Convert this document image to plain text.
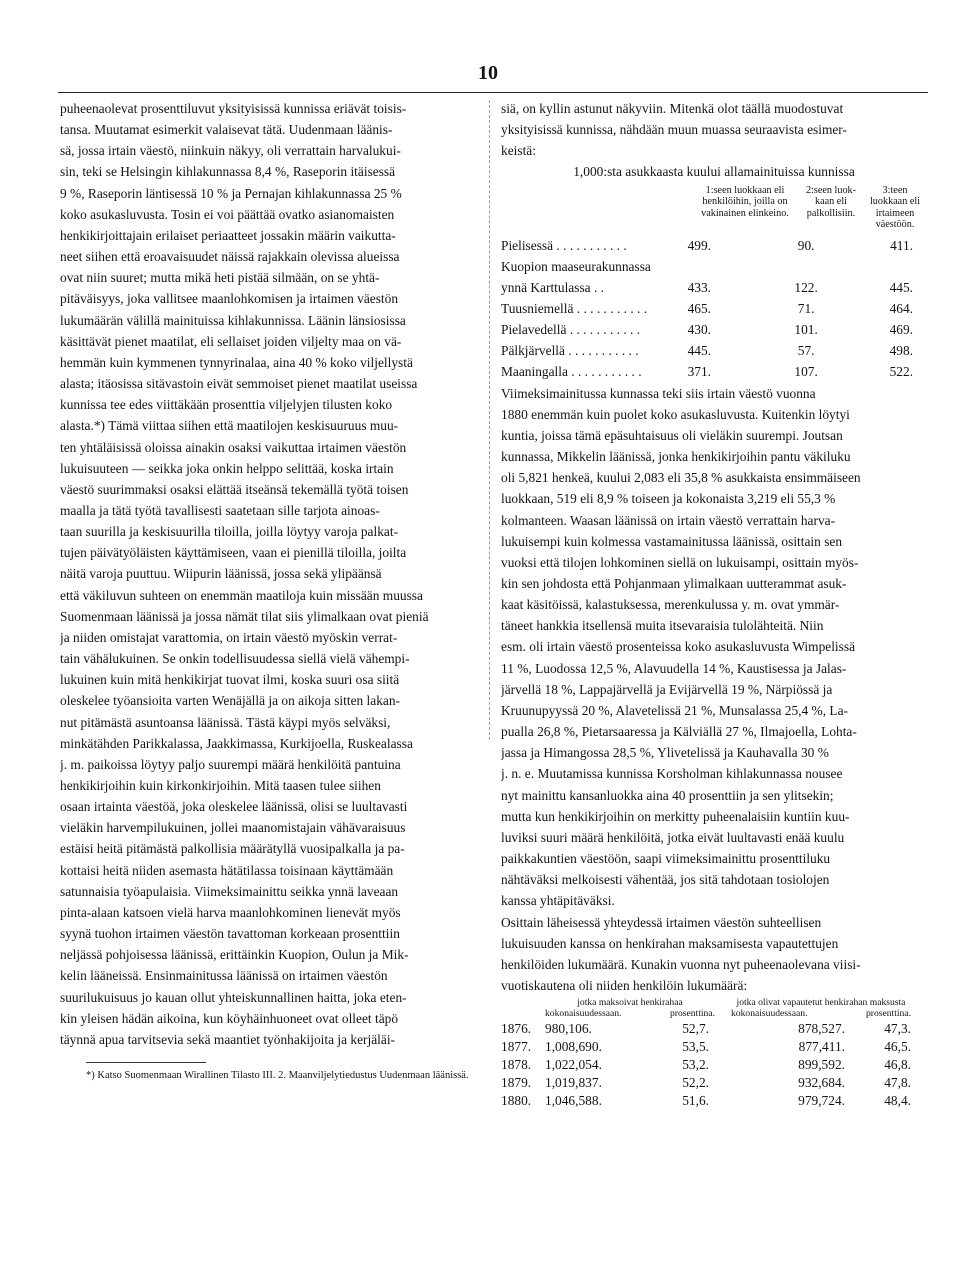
10
puheenaolevat prosenttiluvut yksityisissä kunnissa eriävät toisis-
tansa. Muutamat esimerkit valaisevat tätä. Uudenmaan läänis-
sä, jossa irtain väestö, niinkuin näkyy, oli verrattain harvalukui-
sin, teki se Helsingin kihlakunnassa 8,4 %, Raseporin itäisessä
9 %, Raseporin läntisessä 10 % ja Pernajan kihlakunnassa 25 %
koko asukasluvusta. Tosin ei voi päättää ovatko asianomaisten
henkikirjoittajain erilaiset periaatteet jossakin määrin vaikutta-
neet siihen että eroavaisuudet näissä rajakkain olevissa alueissa
ovat niin suuret; mutta mikä heti pistää silmään, on se yhtä-
pitäväisyys, joka vallitsee maanlohkomisen ja irtaimen väestön
lukumäärän välillä mainituissa kihlakunnissa. Läänin länsiosissa
käsittävät pienet maatilat, eli sellaiset joiden viljelty maa on vä-
hemmän kuin kymmenen tynnyrinalaa, aina 40 % koko viljellystä
alasta; itäosissa sitävastoin eivät semmoiset pienet maatilat useissa
kunnissa tee edes viittäkään prosenttia viljelyjen tilusten koko
alasta.*) Tämä viittaa siihen että maatilojen keskisuuruus muu-
ten yhtäläisissä oloissa ainakin osaksi vaikuttaa irtaimen väestön
lukuisuuteen — seikka joka onkin helppo selittää, koska irtain
väestö suurimmaksi osaksi elättää itseänsä tekemällä työtä toisen
maalla ja tätä työtä tavallisesti saatetaan sille tarjota ainoas-
taan suurilla ja keskisuurilla tiloilla, joilla löytyy varoja palkat-
tujen päivätyöläisten käyttämiseen, vaan ei pienillä tiloilla, joilta
näitä varoja puuttuu. Wiipurin läänissä, jossa sekä ylipäänsä
että väkiluvun suhteen on enemmän maatiloja kuin missään muussa
Suomenmaan läänissä ja jossa nämät tilat siis ylimalkaan ovat pieniä
ja niiden omistajat varattomia, on irtain väestö myöskin verrat-
tain vähälukuinen. Se onkin todellisuudessa siellä vielä vähempi-
lukuinen kuin mitä henkikirjat tuovat ilmi, koska suuri osa siitä
oleskelee työansioita varten Wenäjällä ja on aikoja sitten lakan-
nut pitämästä asuntoansa läänissä. Tästä käypi myös selväksi,
minkätähden Parikkalassa, Jaakkimassa, Kurkijoella, Ruskealassa
j. m. paikoissa löytyy paljo suurempi määrä henkilöitä pantuina
henkikirjoihin kuin kirkonkirjoihin. Mitä taasen tulee siihen
osaan irtainta väestöä, joka oleskelee läänissä, olisi se luultavasti
vieläkin harvempilukuinen, jollei maanomistajain vähävaraisuus
estäisi heitä pitämästä palkollisia määrätyllä vuosipalkalla ja pa-
kottaisi heitä niiden asemasta hätätilassa toisinaan käyttämään
satunnaisia työapulaisia. Viimeksimainittu seikka ynnä laveaan
pinta-alaan katsoen vielä harva maanlohkominen lienevät myös
syynä tuohon irtaimen väestön tavattoman korkeaan prosenttiin
neljässä pohjoisessa läänissä, erittäinkin Kuopion, Oulun ja Mik-
kelin lääneissä. Ensinmainitussa läänissä on irtaimen väestön
suurilukuisuus jo kauan ollut yhteiskunnallinen haitta, joka eten-
kin yleisen hädän aikoina, kun köyhäinhuoneet ovat olleet täpö
täynnä apua tarvitsevia sekä maantiet työnhakijoita ja kerjäläi-

*) Katso Suomenmaan Wirallinen Tilasto III. 2. Maanviljelytiedustus Uudenmaan läänissä.

siä, on kyllin astunut näkyviin. Mitenkä olot täällä muodostuvat
yksityisissä kunnissa, nähdään muun muassa seuraavista esimer-
keistä:
1,000:sta asukkaasta kuului allamainituissa kunnissa
1:seen luokkaan eli henkilöihin, joilla on vakinainen elinkeino.
2:seen luok-kaan eli palkollisiin.
3:teen luokkaan eli irtaimeen väestöön.
Pielisessä . . .	499.	90.	411.
Kuopion maaseurakunnassa
ynnä Karttulassa . .	433.	122.	445.
Tuusniemellä . . .	465.	71.	464.
Pielavedellä . . .	430.	101.	469.
Pälkjärvellä . . .	445.	57.	498.
Maaningalla . . .	371.	107.	522.
Viimeksimainitussa kunnassa teki siis irtain väestö vuonna
1880 enemmän kuin puolet koko asukasluvusta. Kuitenkin löytyi
kuntia, joissa tämä epäsuhtaisuus oli vieläkin suurempi. Joutsan
kunnassa, Mikkelin läänissä, jonka henkikirjoihin pantu väkiluku
oli 5,821 henkeä, kuului 2,083 eli 35,8 % asukkaista ensimmäiseen
luokkaan, 519 eli 8,9 % toiseen ja kokonaista 3,219 eli 55,3 %
kolmanteen. Waasan läänissä on irtain väestö verrattain harva-
lukuisempi kuin kolmessa vastamainitussa läänissä, osittain sen
vuoksi että tilojen lohkominen siellä on lukuisampi, osittain myös-
kin sen johdosta että Pohjanmaan ylimalkaan uutterammat asuk-
kaat käsitöissä, kalastuksessa, merenkulussa y. m. ovat ymmär-
täneet hankkia itsellensä muita itsevaraisia tulolähteitä. Niin
esm. oli irtain väestö prosenteissa koko asukasluvusta Wimpelissä
11 %, Luodossa 12,5 %, Alavuudella 14 %, Kaustisessa ja Jalas-
järvellä 18 %, Lappajärvellä ja Evijärvellä 19 %, Närpiössä ja
Kruunupyyssä 20 %, Alavetelissä 21 %, Munsalassa 25,4 %, La-
pualla 26,8 %, Pietarsaaressa ja Kälviällä 27 %, Ilmajoella, Lohta-
jassa ja Himangossa 28,5 %, Ylivetelissä ja Kauhavalla 30 %
j. n. e. Muutamissa kunnissa Korsholman kihlakunnassa nousee
nyt mainittu kansanluokka aina 40 prosenttiin ja sen ylitsekin;
mutta kun henkikirjoihin on merkitty puheenalaisiin kuntiin kuu-
luviksi suuri määrä henkilöitä, jotka eivät luultavasti enää kuulu
paikkakuntien väestöön, saapi viimeksimainittu prosenttiluku
nähtäväksi melkoisesti vähentää, jos sitä tahdotaan tosiolojen
kanssa yhtäpitäväksi.
Osittain läheisessä yhteydessä irtaimen väestön suhteellisen
lukuisuuden kanssa on henkirahan maksamisesta vapautettujen
henkilöiden lukumäärä. Kunakin vuonna nyt puheenaolevana viisi-
vuotiskautena oli niiden henkilöin lukumäärä:
jotka maksoivat henkirahaa
kokonaisuudessaan.	prosenttina.
jotka olivat vapautetut henkirahan maksusta
kokonaisuudessaan.	prosenttina.
1876.	980,106.	52,7.	878,527.	47,3.
1877.	1,008,690.	53,5.	877,411.	46,5.
1878.	1,022,054.	53,2.	899,592.	46,8.
1879.	1,019,837.	52,2.	932,684.	47,8.
1880.	1,046,588.	51,6.	979,724.	48,4.
